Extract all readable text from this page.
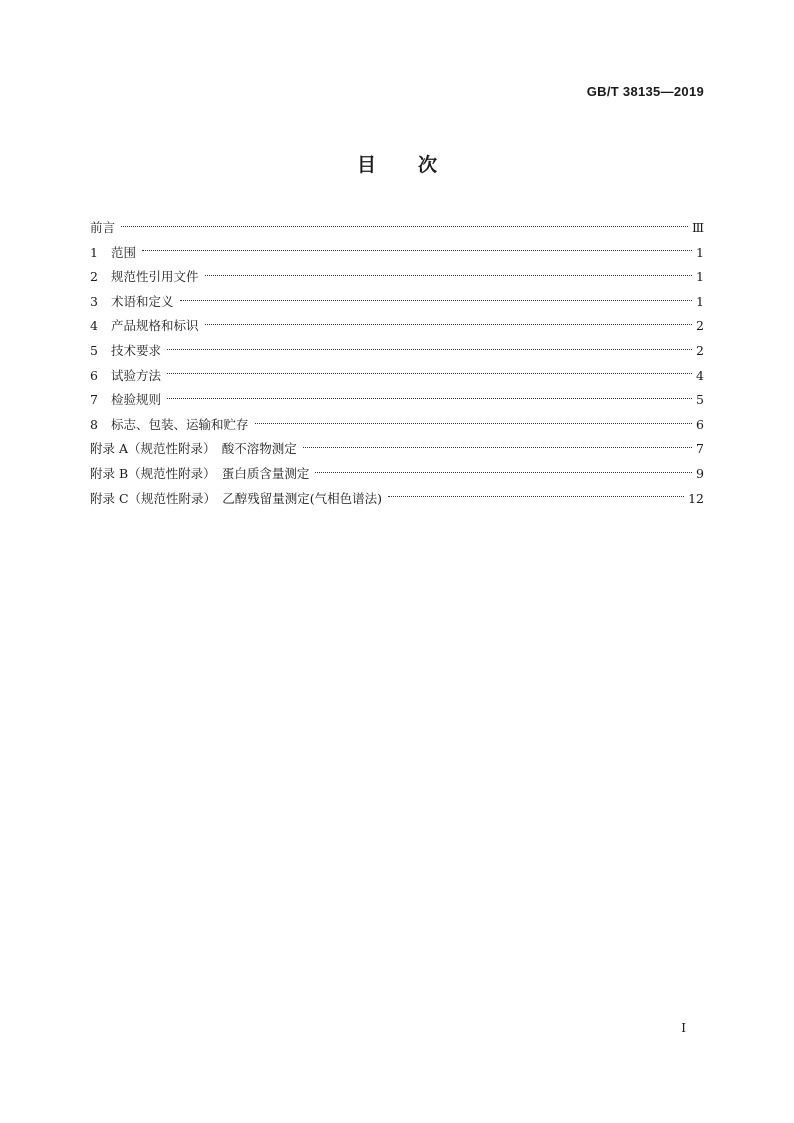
GB/T 38135—2019
目次
前言	Ⅲ
1	范围	1
2	规范性引用文件	1
3	术语和定义	1
4	产品规格和标识	2
5	技术要求	2
6	试验方法	4
7	检验规则	5
8	标志、包装、运输和贮存	6
附录 A（规范性附录）　酸不溶物测定	7
附录 B（规范性附录）　蛋白质含量测定	9
附录 C（规范性附录）　乙醇残留量测定(气相色谱法)	12
I
